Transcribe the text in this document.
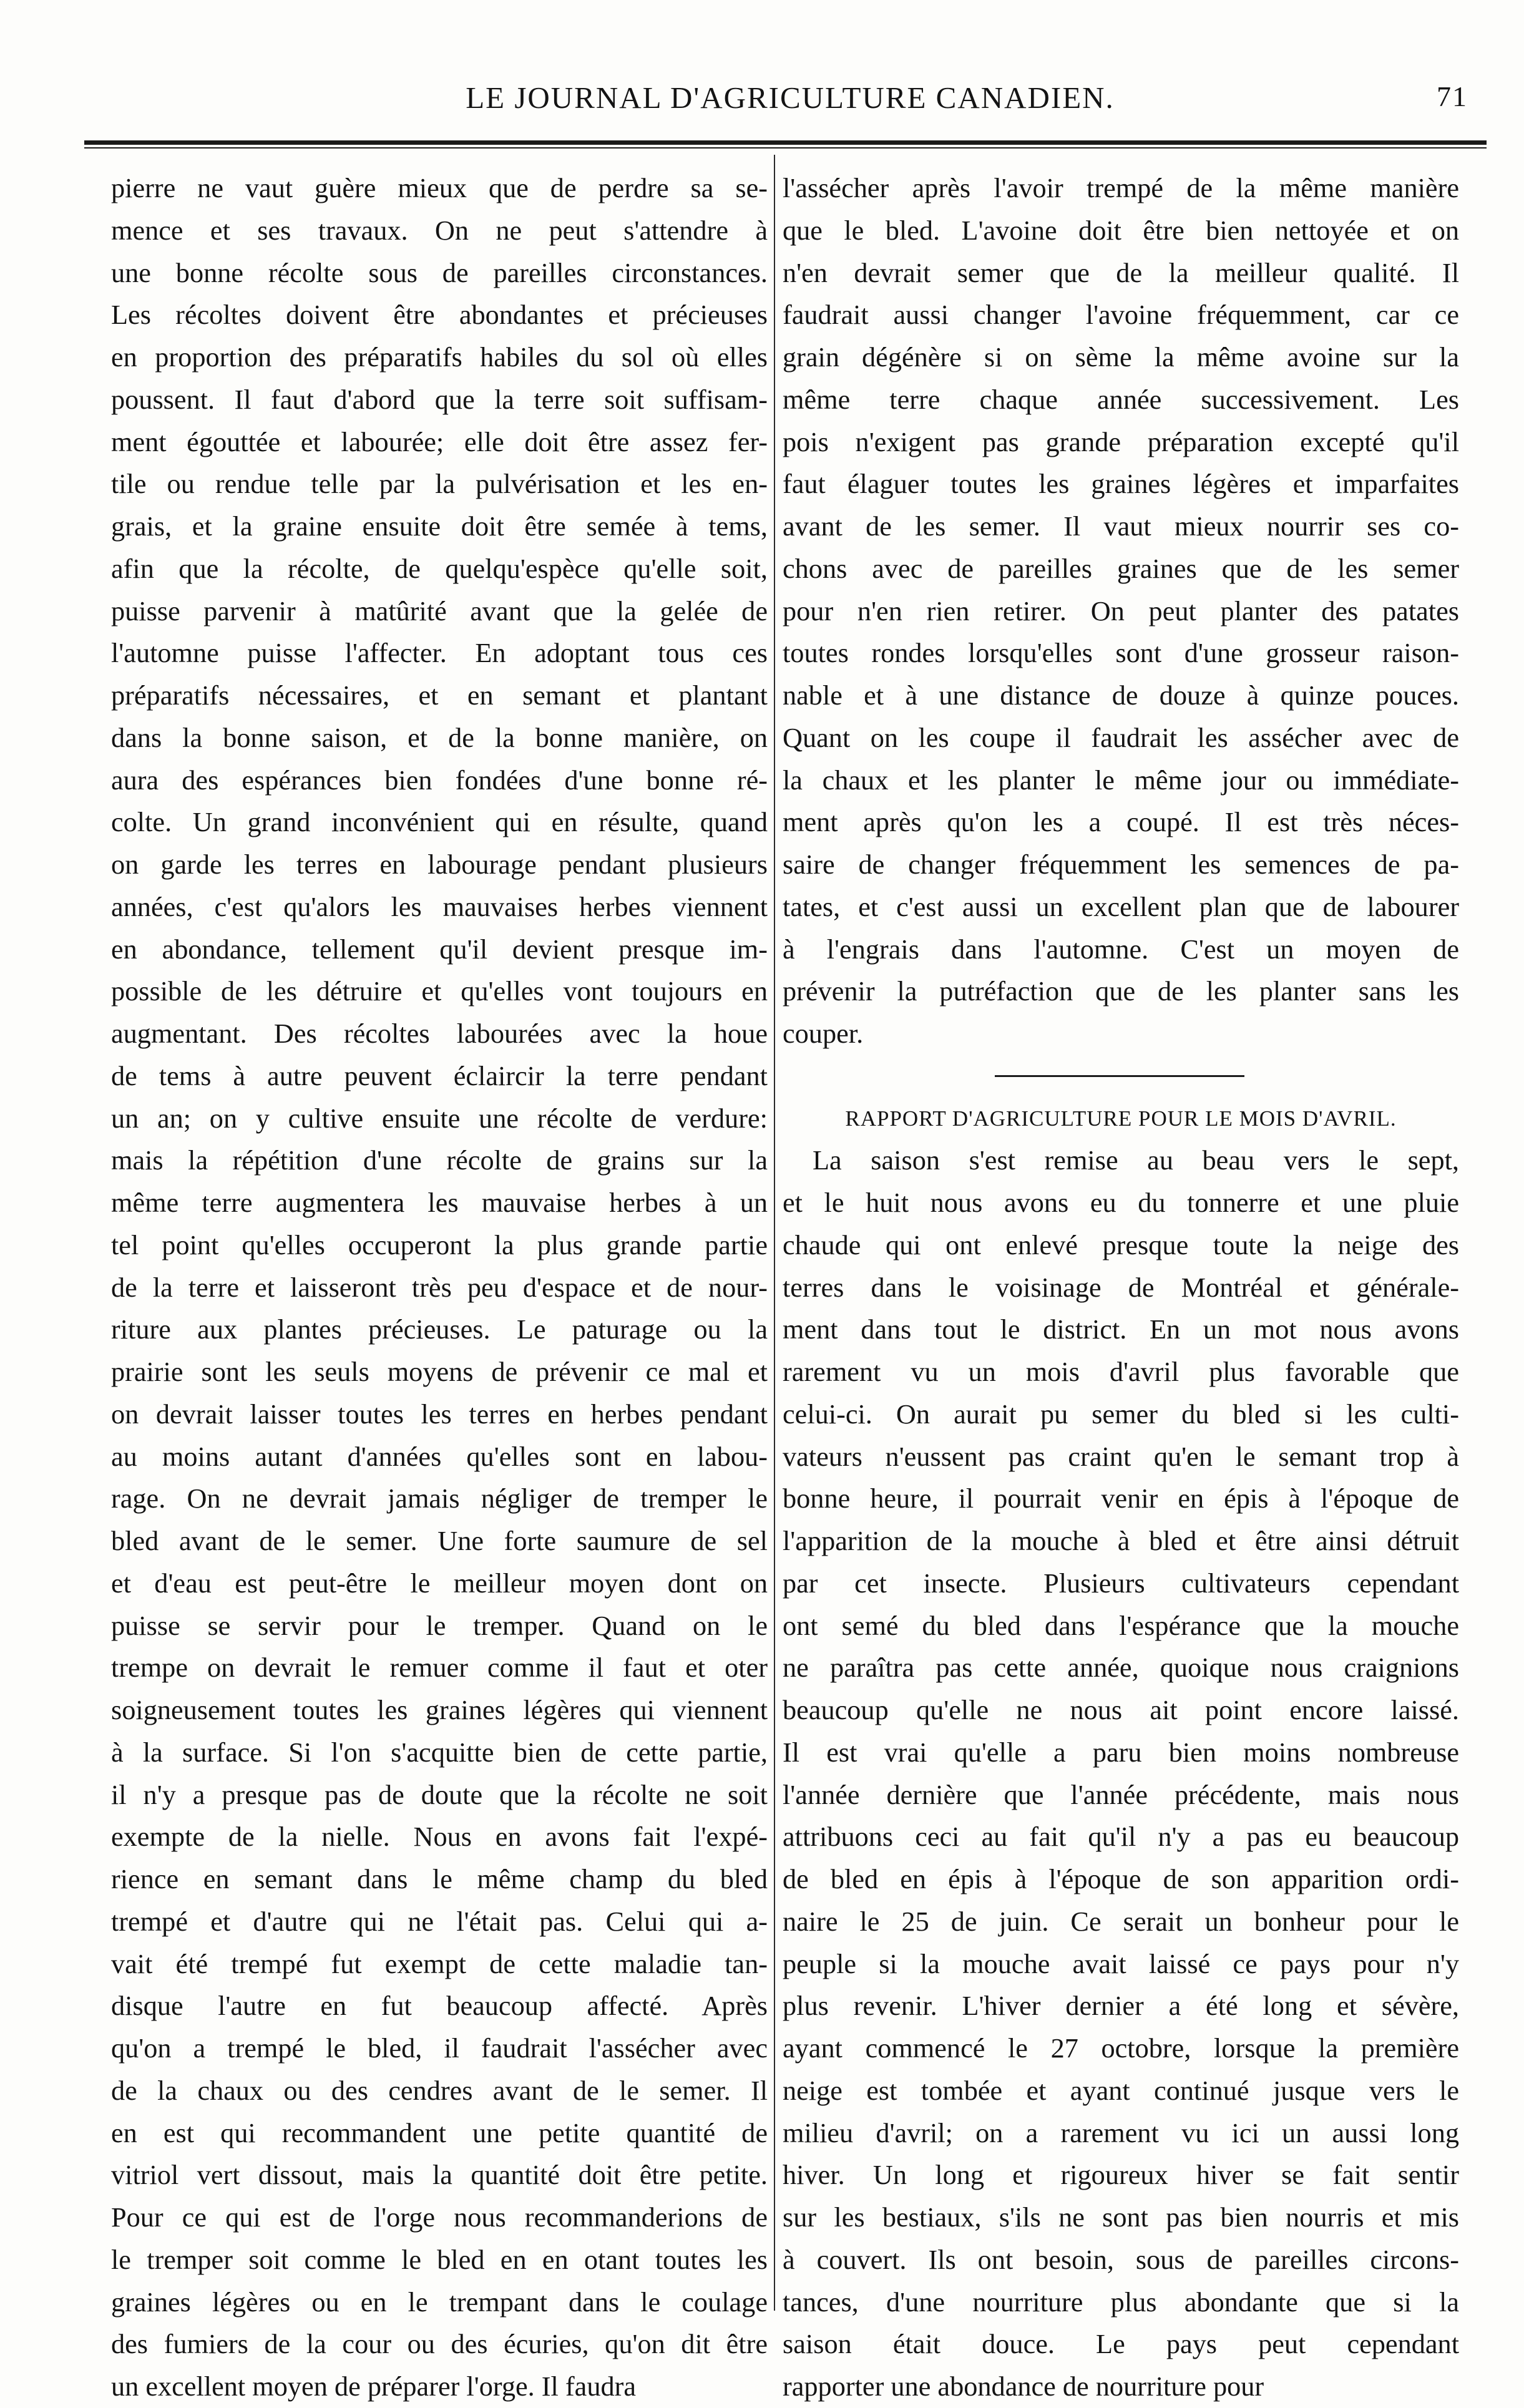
LE JOURNAL D'AGRICULTURE CANADIEN.	71
pierre ne vaut guère mieux que de perdre sa se-
mence et ses travaux. On ne peut s'attendre à
une bonne récolte sous de pareilles circonstances.
Les récoltes doivent être abondantes et précieuses
en proportion des préparatifs habiles du sol où elles
poussent. Il faut d'abord que la terre soit suffisam-
ment égouttée et labourée; elle doit être assez fer-
tile ou rendue telle par la pulvérisation et les en-
grais, et la graine ensuite doit être semée à tems,
afin que la récolte, de quelqu'espèce qu'elle soit,
puisse parvenir à matûrité avant que la gelée de
l'automne puisse l'affecter. En adoptant tous ces
préparatifs nécessaires, et en semant et plantant
dans la bonne saison, et de la bonne manière, on
aura des espérances bien fondées d'une bonne ré-
colte. Un grand inconvénient qui en résulte, quand
on garde les terres en labourage pendant plusieurs
années, c'est qu'alors les mauvaises herbes viennent
en abondance, tellement qu'il devient presque im-
possible de les détruire et qu'elles vont toujours en
augmentant. Des récoltes labourées avec la houe
de tems à autre peuvent éclaircir la terre pendant
un an; on y cultive ensuite une récolte de verdure:
mais la répétition d'une récolte de grains sur la
même terre augmentera les mauvaise herbes à un
tel point qu'elles occuperont la plus grande partie
de la terre et laisseront très peu d'espace et de nour-
riture aux plantes précieuses. Le paturage ou la
prairie sont les seuls moyens de prévenir ce mal et
on devrait laisser toutes les terres en herbes pendant
au moins autant d'années qu'elles sont en labou-
rage. On ne devrait jamais négliger de tremper le
bled avant de le semer. Une forte saumure de sel
et d'eau est peut-être le meilleur moyen dont on
puisse se servir pour le tremper. Quand on le
trempe on devrait le remuer comme il faut et oter
soigneusement toutes les graines légères qui viennent
à la surface. Si l'on s'acquitte bien de cette partie,
il n'y a presque pas de doute que la récolte ne soit
exempte de la nielle. Nous en avons fait l'expé-
rience en semant dans le même champ du bled
trempé et d'autre qui ne l'était pas. Celui qui a-
vait été trempé fut exempt de cette maladie tan-
disque l'autre en fut beaucoup affecté. Après
qu'on a trempé le bled, il faudrait l'assécher avec
de la chaux ou des cendres avant de le semer. Il
en est qui recommandent une petite quantité de
vitriol vert dissout, mais la quantité doit être petite.
Pour ce qui est de l'orge nous recommanderions de
le tremper soit comme le bled en en otant toutes les
graines légères ou en le trempant dans le coulage
des fumiers de la cour ou des écuries, qu'on dit être
un excellent moyen de préparer l'orge. Il faudra
l'assécher après l'avoir trempé de la même manière
que le bled. L'avoine doit être bien nettoyée et on
n'en devrait semer que de la meilleur qualité. Il
faudrait aussi changer l'avoine fréquemment, car ce
grain dégénère si on sème la même avoine sur la
même terre chaque année successivement. Les
pois n'exigent pas grande préparation excepté qu'il
faut élaguer toutes les graines légères et imparfaites
avant de les semer. Il vaut mieux nourrir ses co-
chons avec de pareilles graines que de les semer
pour n'en rien retirer. On peut planter des patates
toutes rondes lorsqu'elles sont d'une grosseur raison-
nable et à une distance de douze à quinze pouces.
Quant on les coupe il faudrait les assécher avec de
la chaux et les planter le même jour ou immédiate-
ment après qu'on les a coupé. Il est très néces-
saire de changer fréquemment les semences de pa-
tates, et c'est aussi un excellent plan que de labourer
à l'engrais dans l'automne. C'est un moyen de
prévenir la putréfaction que de les planter sans les
couper.
RAPPORT D'AGRICULTURE POUR LE MOIS D'AVRIL.
La saison s'est remise au beau vers le sept,
et le huit nous avons eu du tonnerre et une pluie
chaude qui ont enlevé presque toute la neige des
terres dans le voisinage de Montréal et générale-
ment dans tout le district. En un mot nous avons
rarement vu un mois d'avril plus favorable que
celui-ci. On aurait pu semer du bled si les culti-
vateurs n'eussent pas craint qu'en le semant trop à
bonne heure, il pourrait venir en épis à l'époque de
l'apparition de la mouche à bled et être ainsi détruit
par cet insecte. Plusieurs cultivateurs cependant
ont semé du bled dans l'espérance que la mouche
ne paraîtra pas cette année, quoique nous craignions
beaucoup qu'elle ne nous ait point encore laissé.
Il est vrai qu'elle a paru bien moins nombreuse
l'année dernière que l'année précédente, mais nous
attribuons ceci au fait qu'il n'y a pas eu beaucoup
de bled en épis à l'époque de son apparition ordi-
naire le 25 de juin. Ce serait un bonheur pour le
peuple si la mouche avait laissé ce pays pour n'y
plus revenir. L'hiver dernier a été long et sévère,
ayant commencé le 27 octobre, lorsque la première
neige est tombée et ayant continué jusque vers le
milieu d'avril; on a rarement vu ici un aussi long
hiver. Un long et rigoureux hiver se fait sentir
sur les bestiaux, s'ils ne sont pas bien nourris et mis
à couvert. Ils ont besoin, sous de pareilles circons-
tances, d'une nourriture plus abondante que si la
saison était douce. Le pays peut cependant
rapporter une abondance de nourriture pour
